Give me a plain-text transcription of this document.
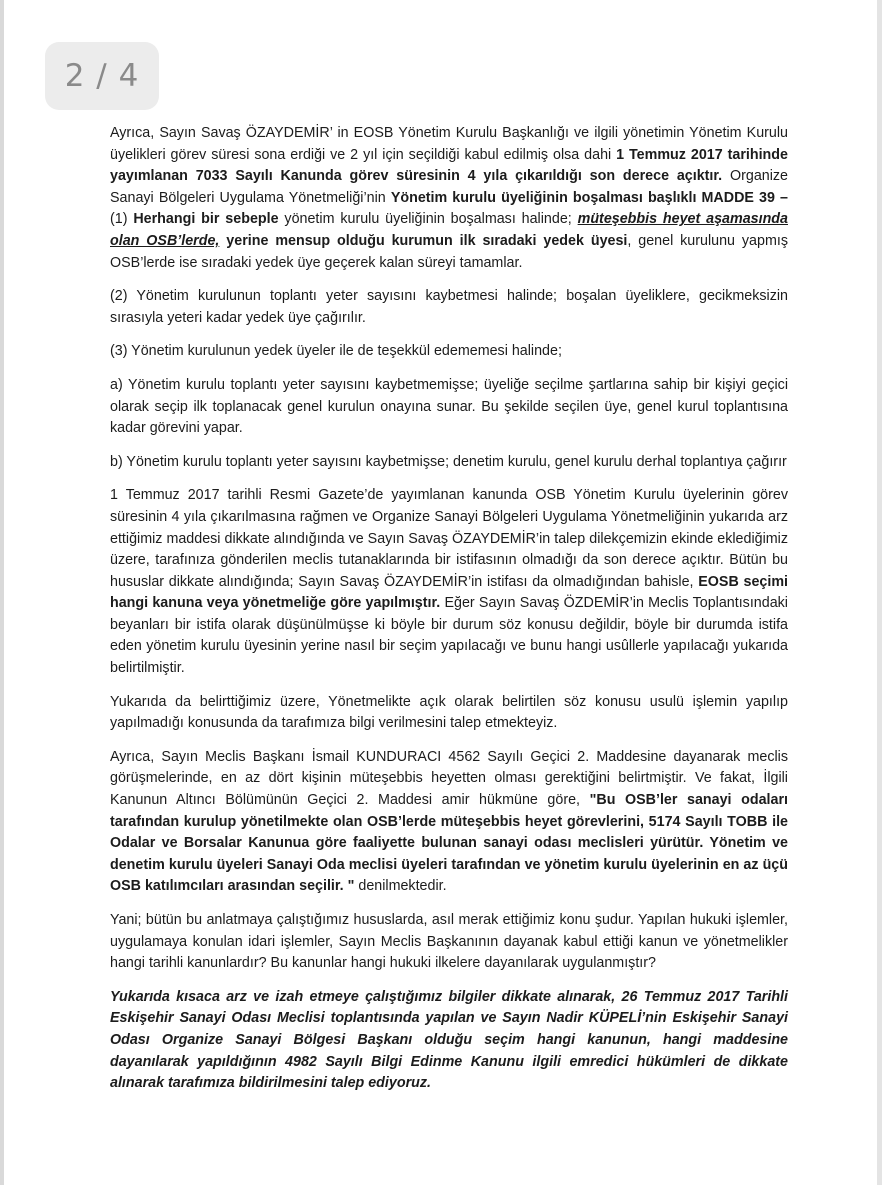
2 / 4

Ayrıca, Sayın Savaş ÖZAYDEMİR’ in EOSB Yönetim Kurulu Başkanlığı ve ilgili yönetimin Yönetim Kurulu üyelikleri görev süresi sona erdiği ve 2 yıl için seçildiği kabul edilmiş olsa dahi 1 Temmuz 2017 tarihinde yayımlanan 7033 Sayılı Kanunda görev süresinin 4 yıla çıkarıldığı son derece açıktır. Organize Sanayi Bölgeleri Uygulama Yönetmeliği’nin Yönetim kurulu üyeliğinin boşalması başlıklı MADDE 39 – (1) Herhangi bir sebeple yönetim kurulu üyeliğinin boşalması halinde; müteşebbis heyet aşamasında olan OSB’lerde, yerine mensup olduğu kurumun ilk sıradaki yedek üyesi, genel kurulunu yapmış OSB’lerde ise sıradaki yedek üye geçerek kalan süreyi tamamlar.

(2) Yönetim kurulunun toplantı yeter sayısını kaybetmesi halinde; boşalan üyeliklere, gecikmeksizin sırasıyla yeteri kadar yedek üye çağırılır.

(3) Yönetim kurulunun yedek üyeler ile de teşekkül edememesi halinde;

a) Yönetim kurulu toplantı yeter sayısını kaybetmemişse; üyeliğe seçilme şartlarına sahip bir kişiyi geçici olarak seçip ilk toplanacak genel kurulun onayına sunar. Bu şekilde seçilen üye, genel kurul toplantısına kadar görevini yapar.

b) Yönetim kurulu toplantı yeter sayısını kaybetmişse; denetim kurulu, genel kurulu derhal toplantıya çağırır

1 Temmuz 2017 tarihli Resmi Gazete’de yayımlanan kanunda OSB Yönetim Kurulu üyelerinin görev süresinin 4 yıla çıkarılmasına rağmen ve Organize Sanayi Bölgeleri Uygulama Yönetmeliğinin yukarıda arz ettiğimiz maddesi dikkate alındığında ve Sayın Savaş ÖZAYDEMİR’in talep dilekçemizin ekinde eklediğimiz üzere, tarafınıza gönderilen meclis tutanaklarında bir istifasının olmadığı da son derece açıktır. Bütün bu hususlar dikkate alındığında; Sayın Savaş ÖZAYDEMİR’in istifası da olmadığından bahisle, EOSB seçimi hangi kanuna veya yönetmeliğe göre yapılmıştır. Eğer Sayın Savaş ÖZDEMİR’in Meclis Toplantısındaki beyanları bir istifa olarak düşünülmüşse ki böyle bir durum söz konusu değildir, böyle bir durumda istifa eden yönetim kurulu üyesinin yerine nasıl bir seçim yapılacağı ve bunu hangi usûllerle yapılacağı yukarıda belirtilmiştir.

Yukarıda da belirttiğimiz üzere, Yönetmelikte açık olarak belirtilen söz konusu usulü işlemin yapılıp yapılmadığı konusunda da tarafımıza bilgi verilmesini talep etmekteyiz.

Ayrıca, Sayın Meclis Başkanı İsmail KUNDURACI 4562 Sayılı Geçici 2. Maddesine dayanarak meclis görüşmelerinde, en az dört kişinin müteşebbis heyetten olması gerektiğini belirtmiştir. Ve fakat, İlgili Kanunun Altıncı Bölümünün Geçici 2. Maddesi amir hükmüne göre, "Bu OSB’ler sanayi odaları tarafından kurulup yönetilmekte olan OSB’lerde müteşebbis heyet görevlerini, 5174 Sayılı TOBB ile Odalar ve Borsalar Kanunua göre faaliyette bulunan sanayi odası meclisleri yürütür. Yönetim ve denetim kurulu üyeleri Sanayi Oda meclisi üyeleri tarafından ve yönetim kurulu üyelerinin en az üçü OSB katılımcıları arasından seçilir. " denilmektedir.

Yani; bütün bu anlatmaya çalıştığımız hususlarda, asıl merak ettiğimiz konu şudur. Yapılan hukuki işlemler, uygulamaya konulan idari işlemler, Sayın Meclis Başkanının dayanak kabul ettiği kanun ve yönetmelikler hangi tarihli kanunlardır? Bu kanunlar hangi hukuki ilkelere dayanılarak uygulanmıştır?

Yukarıda kısaca arz ve izah etmeye çalıştığımız bilgiler dikkate alınarak, 26 Temmuz 2017 Tarihli Eskişehir Sanayi Odası Meclisi toplantısında yapılan ve Sayın Nadir KÜPELİ’nin Eskişehir Sanayi Odası Organize Sanayi Bölgesi Başkanı olduğu seçim hangi kanunun, hangi maddesine dayanılarak yapıldığının 4982 Sayılı Bilgi Edinme Kanunu ilgili emredici hükümleri de dikkate alınarak tarafımıza bildirilmesini talep ediyoruz.
